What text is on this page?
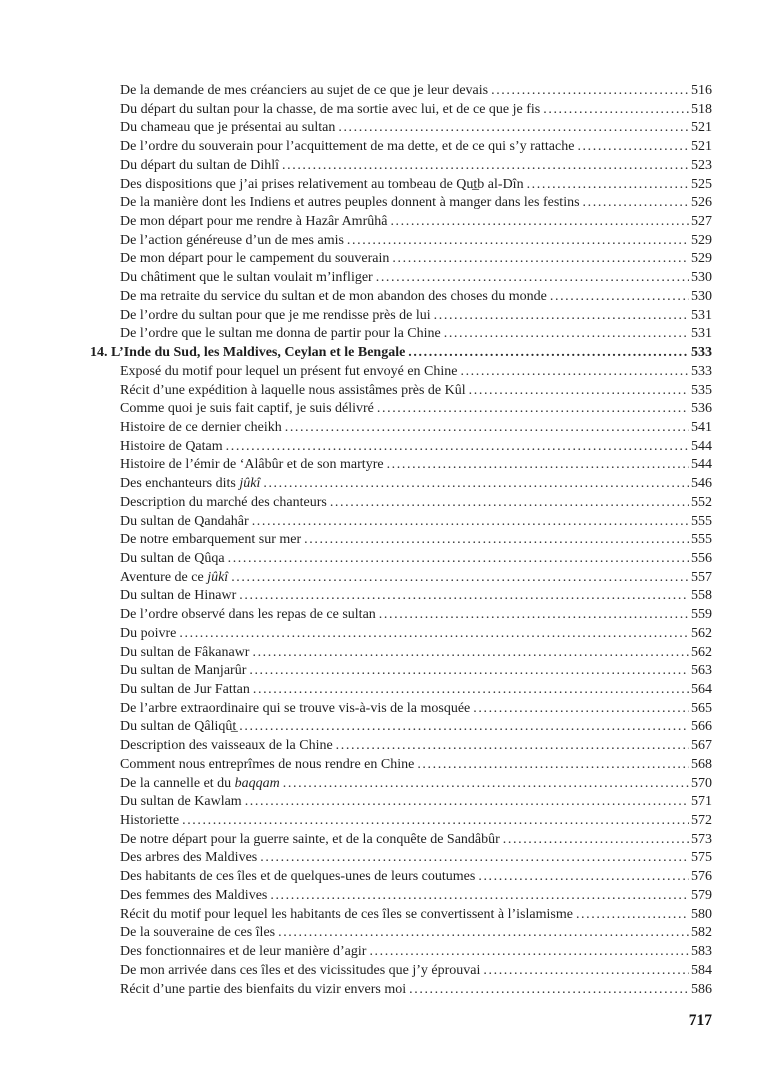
De la demande de mes créanciers au sujet de ce que je leur devais .....	516
Du départ du sultan pour la chasse, de ma sortie avec lui, et de ce que je fis .....	518
Du chameau que je présentai au sultan .....	521
De l’ordre du souverain pour l’acquittement de ma dette, et de ce qui s’y rattache .....	521
Du départ du sultan de Dihlî .....	523
Des dispositions que j’ai prises relativement au tombeau de Qut̲b al-Dîn .....	525
De la manière dont les Indiens et autres peuples donnent à manger dans les festins .....	526
De mon départ pour me rendre à Hazâr Amrûhâ .....	527
De l’action généreuse d’un de mes amis .....	529
De mon départ pour le campement du souverain .....	529
Du châtiment que le sultan voulait m’infliger .....	530
De ma retraite du service du sultan et de mon abandon des choses du monde .....	530
De l’ordre du sultan pour que je me rendisse près de lui .....	531
De l’ordre que le sultan me donna de partir pour la Chine .....	531
14. L’Inde du Sud, les Maldives, Ceylan et le Bengale .....	533
Exposé du motif pour lequel un présent fut envoyé en Chine .....	533
Récit d’une expédition à laquelle nous assistâmes près de Kûl .....	535
Comme quoi je suis fait captif, je suis délivré .....	536
Histoire de ce dernier cheikh .....	541
Histoire de Qatam .....	544
Histoire de l’émir de ‘Alâbûr et de son martyre .....	544
Des enchanteurs dits jûkî .....	546
Description du marché des chanteurs .....	552
Du sultan de Qandahâr .....	555
De notre embarquement sur mer .....	555
Du sultan de Qûqa .....	556
Aventure de ce jûkî .....	557
Du sultan de Hinawr .....	558
De l’ordre observé dans les repas de ce sultan .....	559
Du poivre .....	562
Du sultan de Fâkanawr .....	562
Du sultan de Manjarûr .....	563
Du sultan de Jur Fattan .....	564
De l’arbre extraordinaire qui se trouve vis-à-vis de la mosquée .....	565
Du sultan de Qâliqût̲ .....	566
Description des vaisseaux de la Chine .....	567
Comment nous entreprîmes de nous rendre en Chine .....	568
De la cannelle et du baqqam .....	570
Du sultan de Kawlam .....	571
Historiette .....	572
De notre départ pour la guerre sainte, et de la conquête de Sandâbûr .....	573
Des arbres des Maldives .....	575
Des habitants de ces îles et de quelques-unes de leurs coutumes .....	576
Des femmes des Maldives .....	579
Récit du motif pour lequel les habitants de ces îles se convertissent à l’islamisme .....	580
De la souveraine de ces îles .....	582
Des fonctionnaires et de leur manière d’agir .....	583
De mon arrivée dans ces îles et des vicissitudes que j’y éprouvai .....	584
Récit d’une partie des bienfaits du vizir envers moi .....	586
717
